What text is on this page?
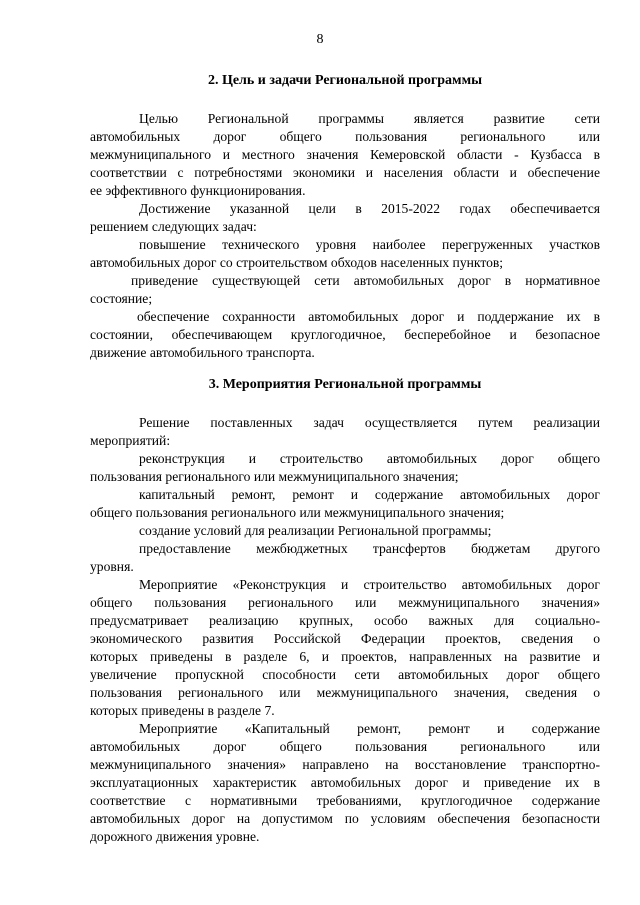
8
2. Цель и задачи Региональной программы
Целью Региональной программы является развитие сети
автомобильных дорог общего пользования регионального или
межмуниципального и местного значения Кемеровской области - Кузбасса в
соответствии с потребностями экономики и населения области и обеспечение
ее эффективного функционирования.
Достижение указанной цели в 2015-2022 годах обеспечивается
решением следующих задач:
повышение технического уровня наиболее перегруженных участков
автомобильных дорог со строительством обходов населенных пунктов;
приведение существующей сети автомобильных дорог в нормативное
состояние;
обеспечение сохранности автомобильных дорог и поддержание их в
состоянии, обеспечивающем круглогодичное, бесперебойное и безопасное
движение автомобильного транспорта.
3. Мероприятия Региональной программы
Решение поставленных задач осуществляется путем реализации
мероприятий:
реконструкция и строительство автомобильных дорог общего
пользования регионального или межмуниципального значения;
капитальный ремонт, ремонт и содержание автомобильных дорог
общего пользования регионального или межмуниципального значения;
создание условий для реализации Региональной программы;
предоставление межбюджетных трансфертов бюджетам другого
уровня.
Мероприятие «Реконструкция и строительство автомобильных дорог
общего пользования регионального или межмуниципального значения»
предусматривает реализацию крупных, особо важных для социально-
экономического развития Российской Федерации проектов, сведения о
которых приведены в разделе 6, и проектов, направленных на развитие и
увеличение пропускной способности сети автомобильных дорог общего
пользования регионального или межмуниципального значения, сведения о
которых приведены в разделе 7.
Мероприятие «Капитальный ремонт, ремонт и содержание
автомобильных дорог общего пользования регионального или
межмуниципального значения» направлено на восстановление транспортно-
эксплуатационных характеристик автомобильных дорог и приведение их в
соответствие с нормативными требованиями, круглогодичное содержание
автомобильных дорог на допустимом по условиям обеспечения безопасности
дорожного движения уровне.
